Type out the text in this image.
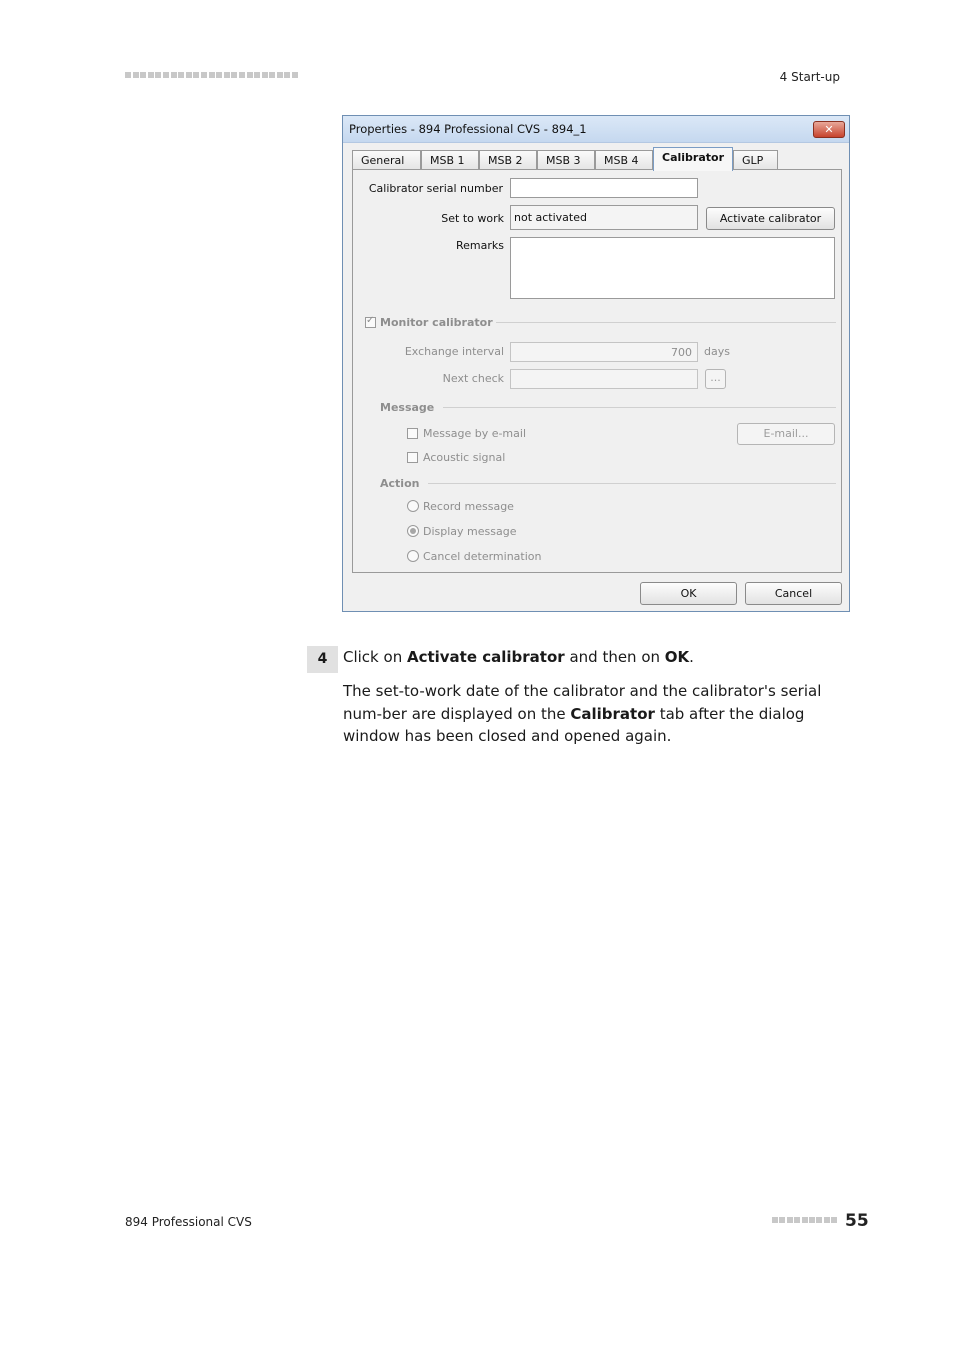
4 Start-up
Properties - 894 Professional CVS - 894_1	✕
General	MSB 1	MSB 2	MSB 3	MSB 4	Calibrator	GLP
Calibrator serial number
Set to work not activated	Activate calibrator
Remarks
✓
Monitor calibrator
Exchange interval	700	days
Next check	...
Message
Message by e-mail	E-mail...
Acoustic signal
Action
Record message
Display message
Cancel determination
OK	Cancel
4	Click on Activate calibrator and then on OK.
The set-to-work date of the calibrator and the calibrator's serial num-ber are displayed on the Calibrator tab after the dialog window has been closed and opened again.
894 Professional CVS	55
